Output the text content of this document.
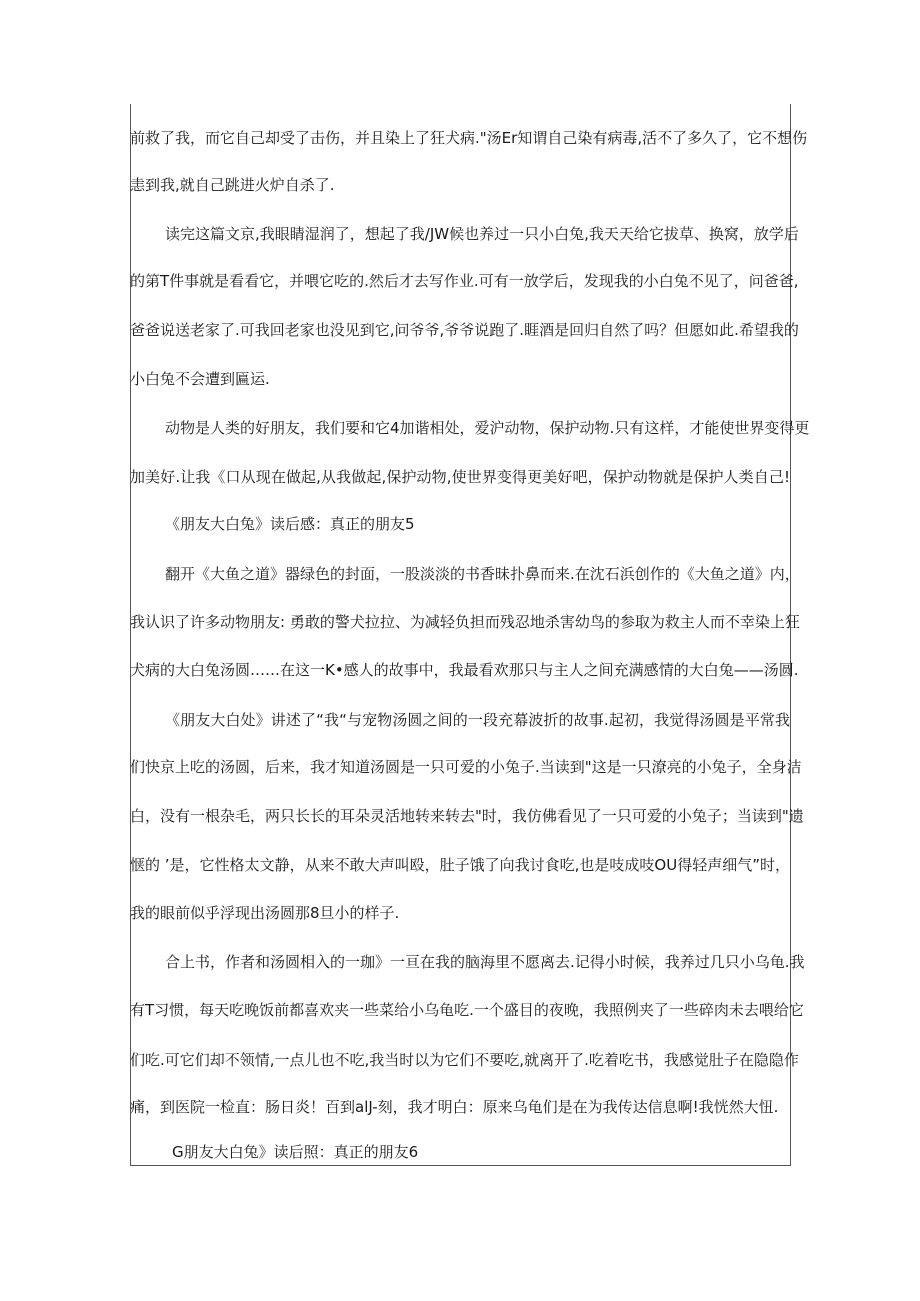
前救了我，而它自己却受了击伤，并且染上了狂犬病."汤Er知谓自己染有病毒,活不了多久了，它不想伤
恚到我,就自己跳进火炉自杀了.
读完这篇文京,我眼睛湿润了，想起了我/JW候也养过一只小白兔,我天天给它拔草、换窝，放学后
的第T件事就是看看它，并喂它吃的.然后才去写作业.可有一放学后，发现我的小白兔不见了，问爸爸,
爸爸说送老家了.可我回老家也没见到它,问爷爷,爷爷说跑了.睚酒是回归自然了吗？但愿如此.希望我的
小白兔不会遭到匾运.
动物是人类的好朋友，我们要和它4加谐相处，爱沪动物，保护动物.只有这样，才能使世界变得更
加美好.让我《口从现在做起,从我做起,保护动物,使世界变得更美好吧，保护动物就是保护人类自己!
《朋友大白兔》读后感：真正的朋友5
翻开《大鱼之道》器绿色的封面，一股淡淡的书香昧扑鼻而来.在沈石浜创作的《大鱼之道》内，
我认识了许多动物朋友: 勇敢的警犬拉拉、为减轻负担而残忍地杀害幼鸟的参取为救主人而不幸染上狂
犬病的大白兔汤圆……在这一K•感人的故事中，我最看欢那只与主人之间充满感情的大白兔——汤圆.
《朋友大白处》讲述了“我“与宠物汤圆之间的一段充幕波折的故事.起初，我觉得汤圆是平常我
们快京上吃的汤圆，后来，我才知道汤圆是一只可爱的小兔子.当读到"这是一只潦亮的小兔子，全身洁
白，没有一根杂毛，两只长长的耳朵灵活地转来转去"时，我仿佛看见了一只可爱的小兔子；当读到"遗
惬的 ’是，它性格太文静，从来不敢大声叫殴，肚子饿了向我讨食吃,也是吱成吱OU得轻声细气”时，
我的眼前似乎浮现出汤圆那8旦小的样子.
合上书，作者和汤圆相入的一珈》一亘在我的脑海里不愿离去.记得小时候，我养过几只小乌龟.我
有T习惯，每天吃晚饭前都喜欢夹一些菜给小乌龟吃.一个盛目的夜晚，我照例夹了一些碎肉未去喂给它
们吃.可它们却不领情,一点儿也不吃,我当时以为它们不要吃,就离开了.吃着吃书，我感觉肚子在隐隐作
痛，到医院一检直：肠日炎！百到alJ-刻，我才明白：原来乌龟们是在为我传达信息啊!我恍然大忸.
G朋友大白兔》读后照：真正的朋友6
